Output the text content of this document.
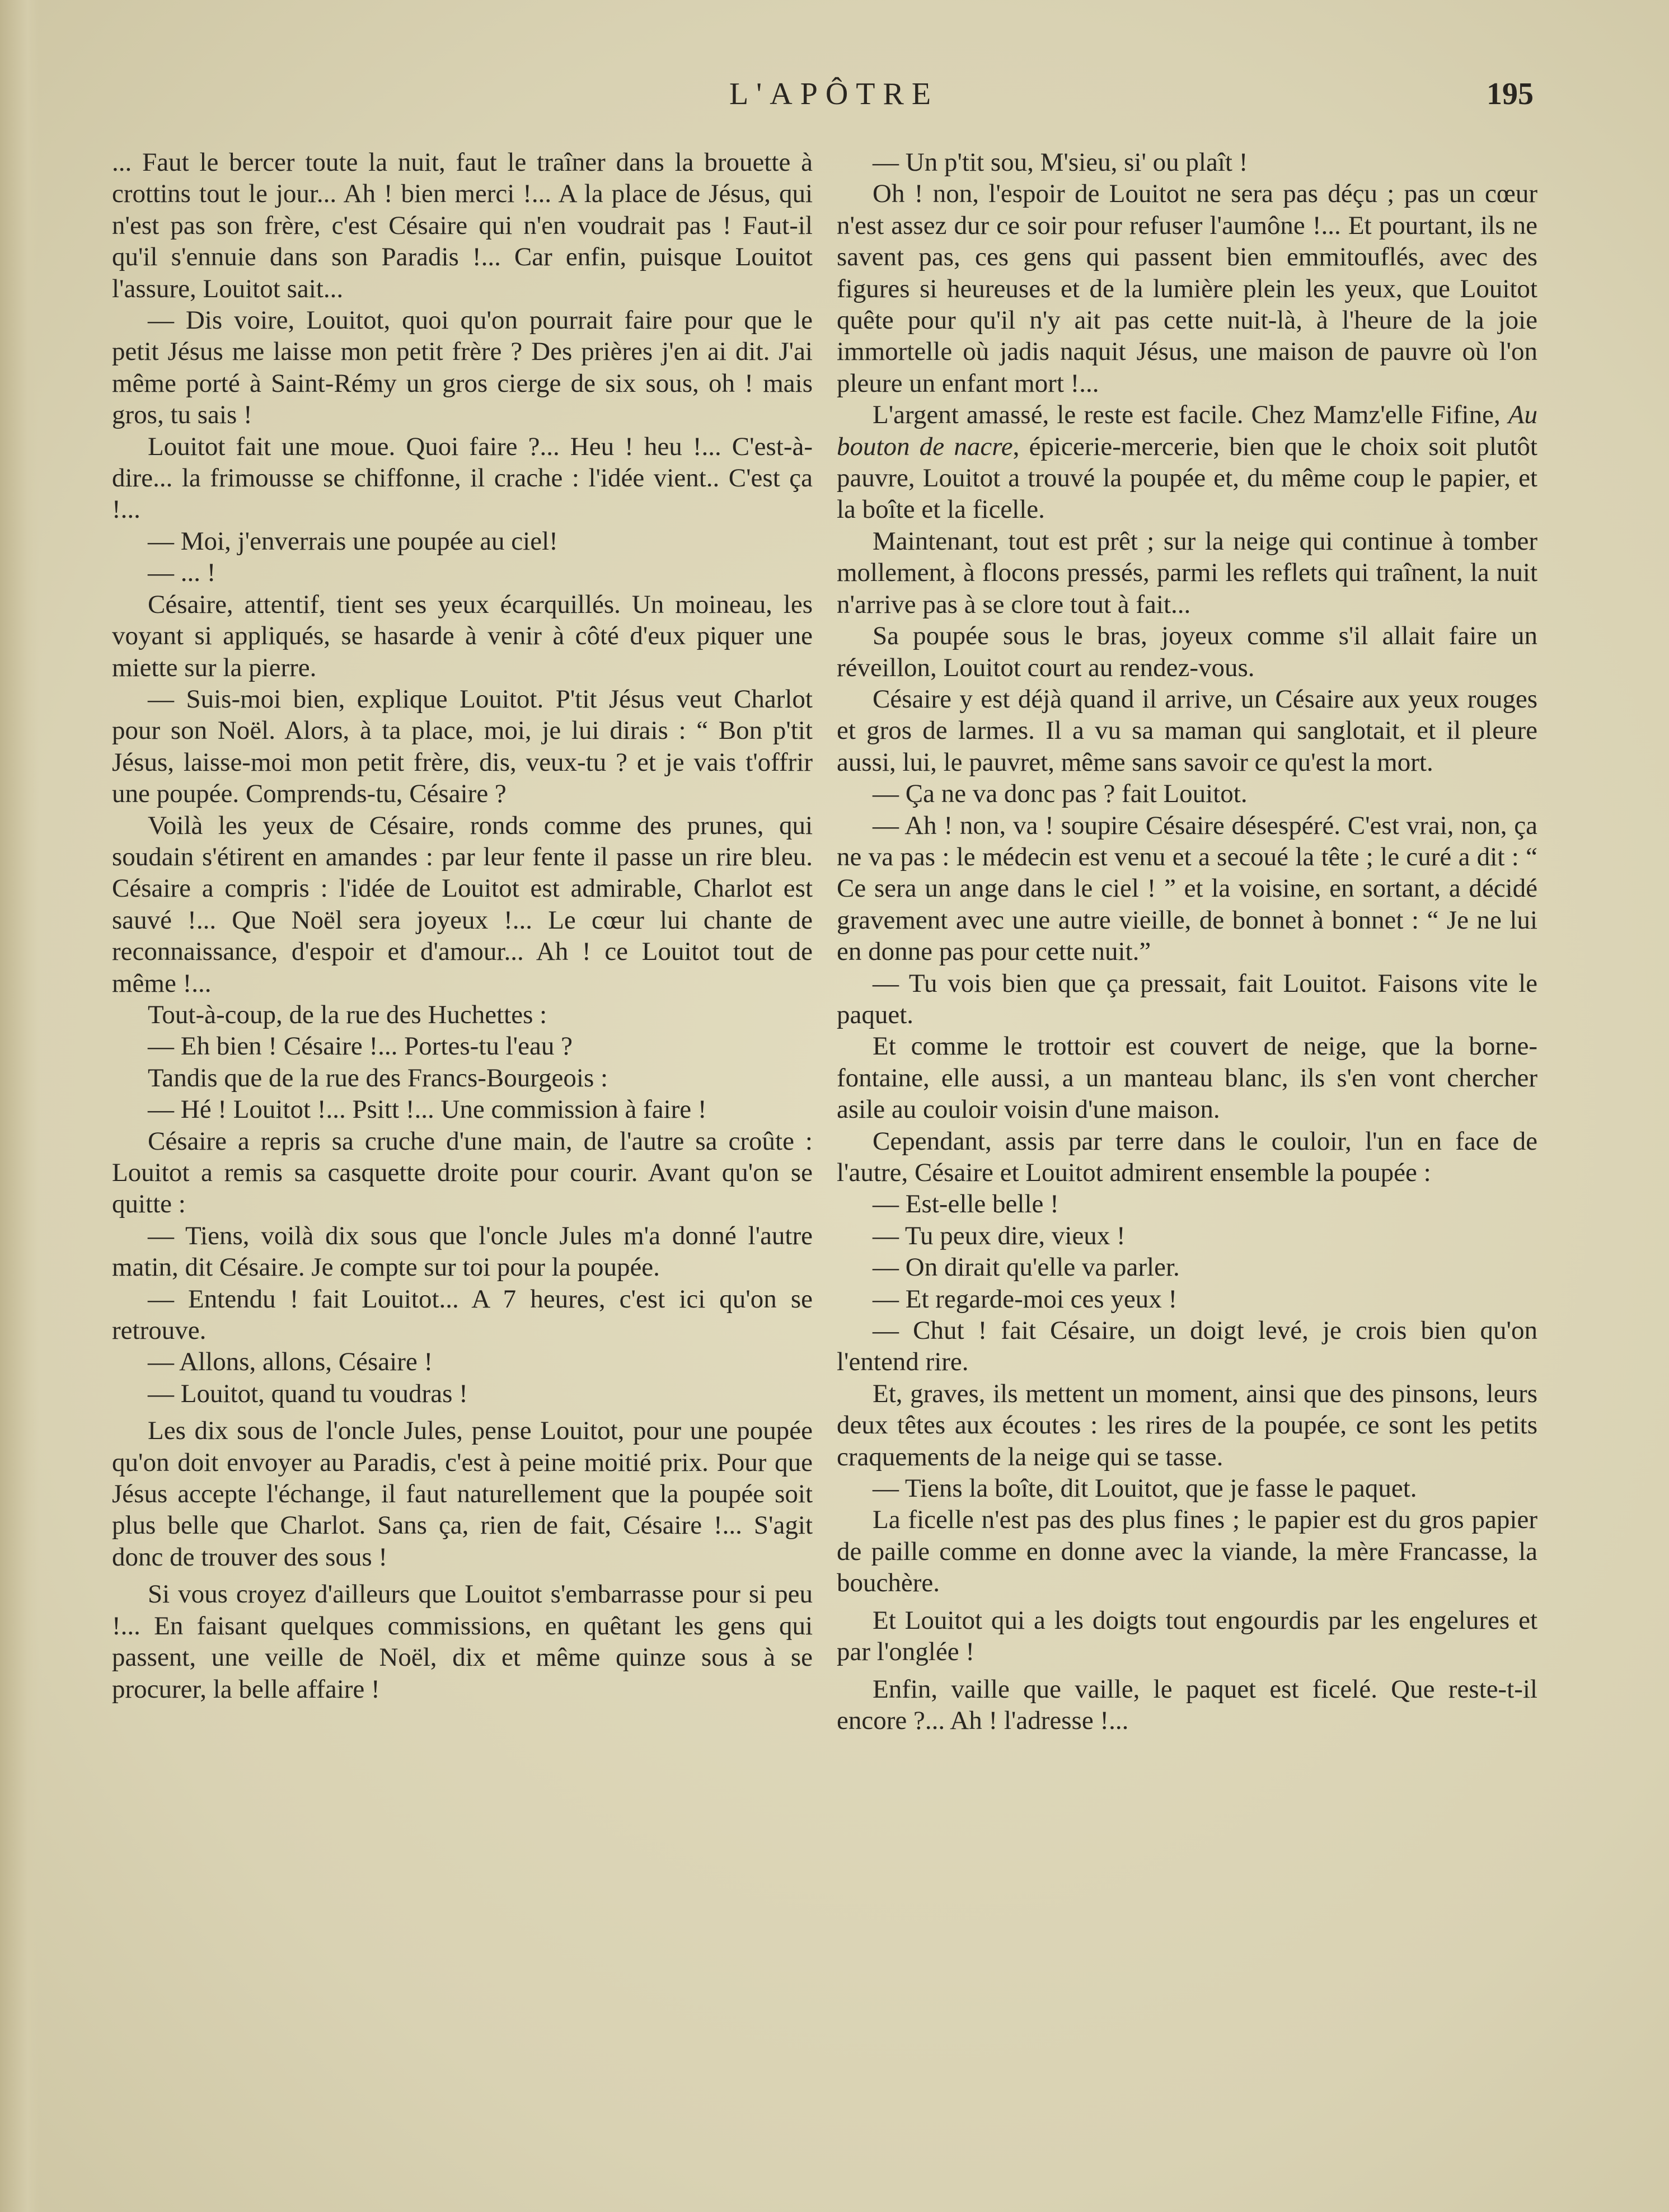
L'APÔTRE	195

... Faut le bercer toute la nuit, faut le traîner dans la brouette à crottins tout le jour... Ah ! bien merci !... A la place de Jésus, qui n'est pas son frère, c'est Césaire qui n'en voudrait pas ! Faut-il qu'il s'ennuie dans son Paradis !... Car enfin, puisque Louitot l'assure, Louitot sait...

— Dis voire, Louitot, quoi qu'on pourrait faire pour que le petit Jésus me laisse mon petit frère ? Des prières j'en ai dit. J'ai même porté à Saint-Rémy un gros cierge de six sous, oh ! mais gros, tu sais !

Louitot fait une moue. Quoi faire ?... Heu ! heu !... C'est-à-dire... la frimousse se chiffonne, il crache : l'idée vient.. C'est ça !...

— Moi, j'enverrais une poupée au ciel!

— ... !

Césaire, attentif, tient ses yeux écarquillés. Un moineau, les voyant si appliqués, se hasarde à venir à côté d'eux piquer une miette sur la pierre.

— Suis-moi bien, explique Louitot. P'tit Jésus veut Charlot pour son Noël. Alors, à ta place, moi, je lui dirais : “ Bon p'tit Jésus, laisse-moi mon petit frère, dis, veux-tu ? et je vais t'offrir une poupée. Comprends-tu, Césaire ?

Voilà les yeux de Césaire, ronds comme des prunes, qui soudain s'étirent en amandes : par leur fente il passe un rire bleu. Césaire a compris : l'idée de Louitot est admirable, Charlot est sauvé !... Que Noël sera joyeux !... Le cœur lui chante de reconnaissance, d'espoir et d'amour... Ah ! ce Louitot tout de même !...

Tout-à-coup, de la rue des Huchettes :

— Eh bien ! Césaire !... Portes-tu l'eau ?

Tandis que de la rue des Francs-Bourgeois :

— Hé ! Louitot !... Psitt !... Une commission à faire !

Césaire a repris sa cruche d'une main, de l'autre sa croûte : Louitot a remis sa casquette droite pour courir. Avant qu'on se quitte :

— Tiens, voilà dix sous que l'oncle Jules m'a donné l'autre matin, dit Césaire. Je compte sur toi pour la poupée.

— Entendu ! fait Louitot... A 7 heures, c'est ici qu'on se retrouve.

— Allons, allons, Césaire !

— Louitot, quand tu voudras !

Les dix sous de l'oncle Jules, pense Louitot, pour une poupée qu'on doit envoyer au Paradis, c'est à peine moitié prix. Pour que Jésus accepte l'échange, il faut naturellement que la poupée soit plus belle que Charlot. Sans ça, rien de fait, Césaire !... S'agit donc de trouver des sous !

Si vous croyez d'ailleurs que Louitot s'embarrasse pour si peu !... En faisant quelques commissions, en quêtant les gens qui passent, une veille de Noël, dix et même quinze sous à se procurer, la belle affaire !

— Un p'tit sou, M'sieu, si' ou plaît !

Oh ! non, l'espoir de Louitot ne sera pas déçu ; pas un cœur n'est assez dur ce soir pour refuser l'aumône !... Et pourtant, ils ne savent pas, ces gens qui passent bien emmitouflés, avec des figures si heureuses et de la lumière plein les yeux, que Louitot quête pour qu'il n'y ait pas cette nuit-là, à l'heure de la joie immortelle où jadis naquit Jésus, une maison de pauvre où l'on pleure un enfant mort !...

L'argent amassé, le reste est facile. Chez Mamz'elle Fifine, Au bouton de nacre, épicerie-mercerie, bien que le choix soit plutôt pauvre, Louitot a trouvé la poupée et, du même coup le papier, et la boîte et la ficelle.

Maintenant, tout est prêt ; sur la neige qui continue à tomber mollement, à flocons pressés, parmi les reflets qui traînent, la nuit n'arrive pas à se clore tout à fait...

Sa poupée sous le bras, joyeux comme s'il allait faire un réveillon, Louitot court au rendez-vous.

Césaire y est déjà quand il arrive, un Césaire aux yeux rouges et gros de larmes. Il a vu sa maman qui sanglotait, et il pleure aussi, lui, le pauvret, même sans savoir ce qu'est la mort.

— Ça ne va donc pas ? fait Louitot.

— Ah ! non, va ! soupire Césaire désespéré. C'est vrai, non, ça ne va pas : le médecin est venu et a secoué la tête ; le curé a dit : “ Ce sera un ange dans le ciel ! ” et la voisine, en sortant, a décidé gravement avec une autre vieille, de bonnet à bonnet : “ Je ne lui en donne pas pour cette nuit.”

— Tu vois bien que ça pressait, fait Louitot. Faisons vite le paquet.

Et comme le trottoir est couvert de neige, que la borne-fontaine, elle aussi, a un manteau blanc, ils s'en vont chercher asile au couloir voisin d'une maison.

Cependant, assis par terre dans le couloir, l'un en face de l'autre, Césaire et Louitot admirent ensemble la poupée :

— Est-elle belle !

— Tu peux dire, vieux !

— On dirait qu'elle va parler.

— Et regarde-moi ces yeux !

— Chut ! fait Césaire, un doigt levé, je crois bien qu'on l'entend rire.

Et, graves, ils mettent un moment, ainsi que des pinsons, leurs deux têtes aux écoutes : les rires de la poupée, ce sont les petits craquements de la neige qui se tasse.

— Tiens la boîte, dit Louitot, que je fasse le paquet.

La ficelle n'est pas des plus fines ; le papier est du gros papier de paille comme en donne avec la viande, la mère Francasse, la bouchère.

Et Louitot qui a les doigts tout engourdis par les engelures et par l'onglée !

Enfin, vaille que vaille, le paquet est ficelé. Que reste-t-il encore ?... Ah ! l'adresse !...
